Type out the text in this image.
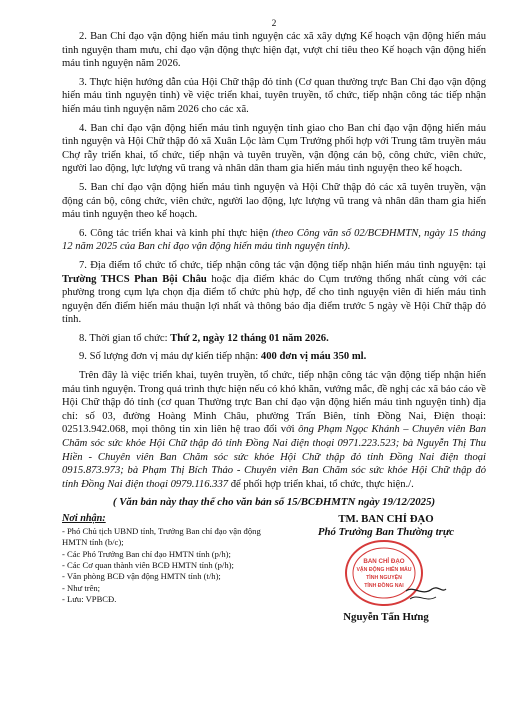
2

2. Ban Chỉ đạo vận động hiến máu tình nguyện các xã xây dựng Kế hoạch vận động hiến máu tình nguyện tham mưu, chỉ đạo vận động thực hiện đạt, vượt chỉ tiêu theo Kế hoạch vận động hiến máu tình nguyện năm 2026.

3. Thực hiện hướng dẫn của Hội Chữ thập đỏ tỉnh (Cơ quan thường trực Ban Chỉ đạo vận động hiến máu tình nguyện tỉnh) về việc triển khai, tuyên truyền, tổ chức, tiếp nhận công tác tiếp nhận hiến máu tình nguyện năm 2026 cho các xã.

4. Ban chỉ đạo vận động hiến máu tình nguyện tỉnh giao cho Ban chỉ đạo vận động hiến máu tình nguyện và Hội Chữ thập đỏ xã Xuân Lộc làm Cụm Trưởng phối hợp với Trung tâm truyền máu Chợ rẫy triển khai, tổ chức, tiếp nhận và tuyên truyền, vận động cán bộ, công chức, viên chức, người lao động, lực lượng vũ trang và nhân dân tham gia hiến máu tình nguyện theo kế hoạch.

5. Ban chỉ đạo vận động hiến máu tình nguyện và Hội Chữ thập đỏ các xã tuyên truyền, vận động cán bộ, công chức, viên chức, người lao động, lực lượng vũ trang và nhân dân tham gia hiến máu tình nguyện theo kế hoạch.

6. Công tác triển khai và kinh phí thực hiện (theo Công văn số 02/BCĐHMTN, ngày 15 tháng 12 năm 2025 của Ban chỉ đạo vận động hiến máu tình nguyện tỉnh).

7. Địa điểm tổ chức tổ chức, tiếp nhận công tác vận động tiếp nhận hiến máu tình nguyện: tại Trường THCS Phan Bội Châu hoặc địa điểm khác do Cụm trưởng thống nhất cùng với các phường trong cụm lựa chọn địa điểm tổ chức phù hợp, để cho tình nguyện viên đi hiến máu tình nguyện đến điểm hiến máu thuận lợi nhất và thông báo địa điểm trước 5 ngày về Hội Chữ thập đỏ tỉnh.

8. Thời gian tổ chức: Thứ 2, ngày 12 tháng 01 năm 2026.

9. Số lượng đơn vị máu dự kiến tiếp nhận: 400 đơn vị máu 350 ml.

Trên đây là việc triển khai, tuyên truyền, tổ chức, tiếp nhận công tác vận động tiếp nhận hiến máu tình nguyện. Trong quá trình thực hiện nếu có khó khăn, vướng mắc, đề nghị các xã báo cáo về Hội Chữ thập đỏ tỉnh (cơ quan Thường trực Ban chỉ đạo vận động hiến máu tình nguyện tỉnh) địa chỉ: số 03, đường Hoàng Minh Châu, phường Trấn Biên, tỉnh Đồng Nai, Điện thoại: 02513.942.068, mọi thông tin xin liên hệ trao đổi với ông Phạm Ngọc Khánh – Chuyên viên Ban Chăm sóc sức khỏe Hội Chữ thập đỏ tỉnh Đồng Nai điện thoại 0971.223.523; bà Nguyễn Thị Thu Hiền - Chuyên viên Ban Chăm sóc sức khỏe Hội Chữ thập đỏ tỉnh Đồng Nai điện thoại 0915.873.973; bà Phạm Thị Bích Thảo - Chuyên viên Ban Chăm sóc sức khỏe Hội Chữ thập đỏ tỉnh Đồng Nai điện thoại 0979.116.337 để phối hợp triển khai, tổ chức, thực hiện./.

( Văn bản này thay thế cho văn bản số 15/BCĐHMTN ngày 19/12/2025)
Nơi nhận:
- Phó Chủ tịch UBND tỉnh, Trưởng Ban chỉ đạo vận động HMTN tỉnh (b/c);
- Các Phó Trưởng Ban chỉ đạo HMTN tỉnh (p/h);
- Các Cơ quan thành viên BCĐ HMTN tỉnh (p/h);
- Văn phòng BCĐ vận động HMTN tỉnh (t/h);
- Như trên;
- Lưu: VPBCĐ.
TM. BAN CHỈ ĐẠO
Phó Trưởng Ban Thường trực
BAN CHỈ ĐẠO
VẬN ĐỘNG HIẾN MÁU
TÌNH NGUYỆN
TỈNH ĐỒNG NAI
Nguyễn Tấn Hưng
